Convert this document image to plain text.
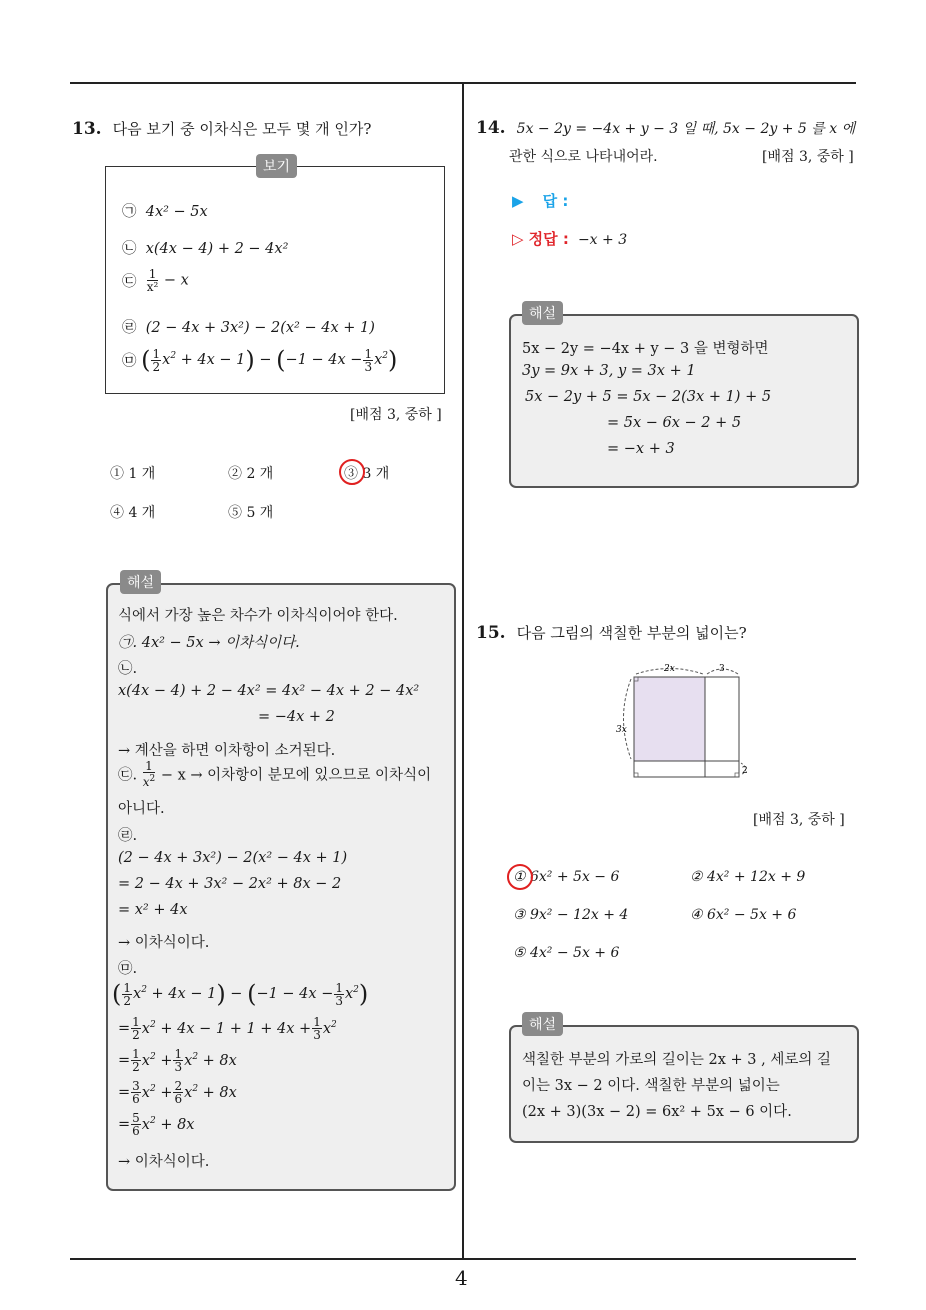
4
13. 다음 보기 중 이차식은 모두 몇 개 인가?
보기
㉠ 4x² − 5x
㉡ x(4x − 4) + 2 − 4x²
㉢ $\frac{1}{\text{x²}} - x$
㉣ (2 − 4x + 3x²) − 2(x² − 4x + 1)
㉤ ( $\frac{1}{2} x^2 + 4x - 1) - (-1 - 4x - \frac{1}{3} x^2)$
[배점 3, 중하 ]
① 1 개	② 2 개	③ 3 개
④ 4 개	⑤ 5 개
해설
식에서 가장 높은 차수가 이차식이어야 한다.
㉠. 4x² − 5x → 이차식이다.
㉡.
x(4x − 4) + 2 − 4x² = 4x² − 4x + 2 − 4x²
= −4x + 2
→ 계산을 하면 이차항이 소거된다.
㉢. $\frac{1}{x^2} - x$ → 이차항이 분모에 있으므로 이차식이
아니다.
㉣.
(2 − 4x + 3x²) − 2(x² − 4x + 1)
= 2 − 4x + 3x² − 2x² + 8x − 2
= x² + 4x
→ 이차식이다.
㉤.
( $\frac{1}{2} x^2 + 4x - 1) - (-1 - 4x - \frac{1}{3} x^2)$
= $\frac{1}{2} x^2 + 4x - 1 + 1 + 4x + \frac{1}{3} x^2$
= $\frac{1}{2} x^2 + \frac{1}{3} x^2 + 8x$
= $\frac{3}{6} x^2 + \frac{2}{6} x^2 + 8x$
= $\frac{5}{6} x^2 + 8x$
→ 이차식이다.
14. 5x − 2y = −4x + y − 3 일 때, 5x − 2y + 5 를 x 에
관한 식으로 나타내어라.	[배점 3, 중하 ]
▶ 답 :
▷ 정답 : −x + 3
해설
5x − 2y = −4x + y − 3 을 변형하면
3y = 9x + 3, y = 3x + 1
5x − 2y + 5 = 5x − 2(3x + 1) + 5
= 5x − 6x − 2 + 5
= −x + 3
15. 다음 그림의 색칠한 부분의 넓이는?
2x	3
3x
2
[배점 3, 중하 ]
① 6x² + 5x − 6	② 4x² + 12x + 9
③ 9x² − 12x + 4	④ 6x² − 5x + 6
⑤ 4x² − 5x + 6
해설
색칠한 부분의 가로의 길이는 2x + 3 , 세로의 길
이는 3x − 2 이다. 색칠한 부분의 넓이는
(2x + 3)(3x − 2) = 6x² + 5x − 6 이다.
